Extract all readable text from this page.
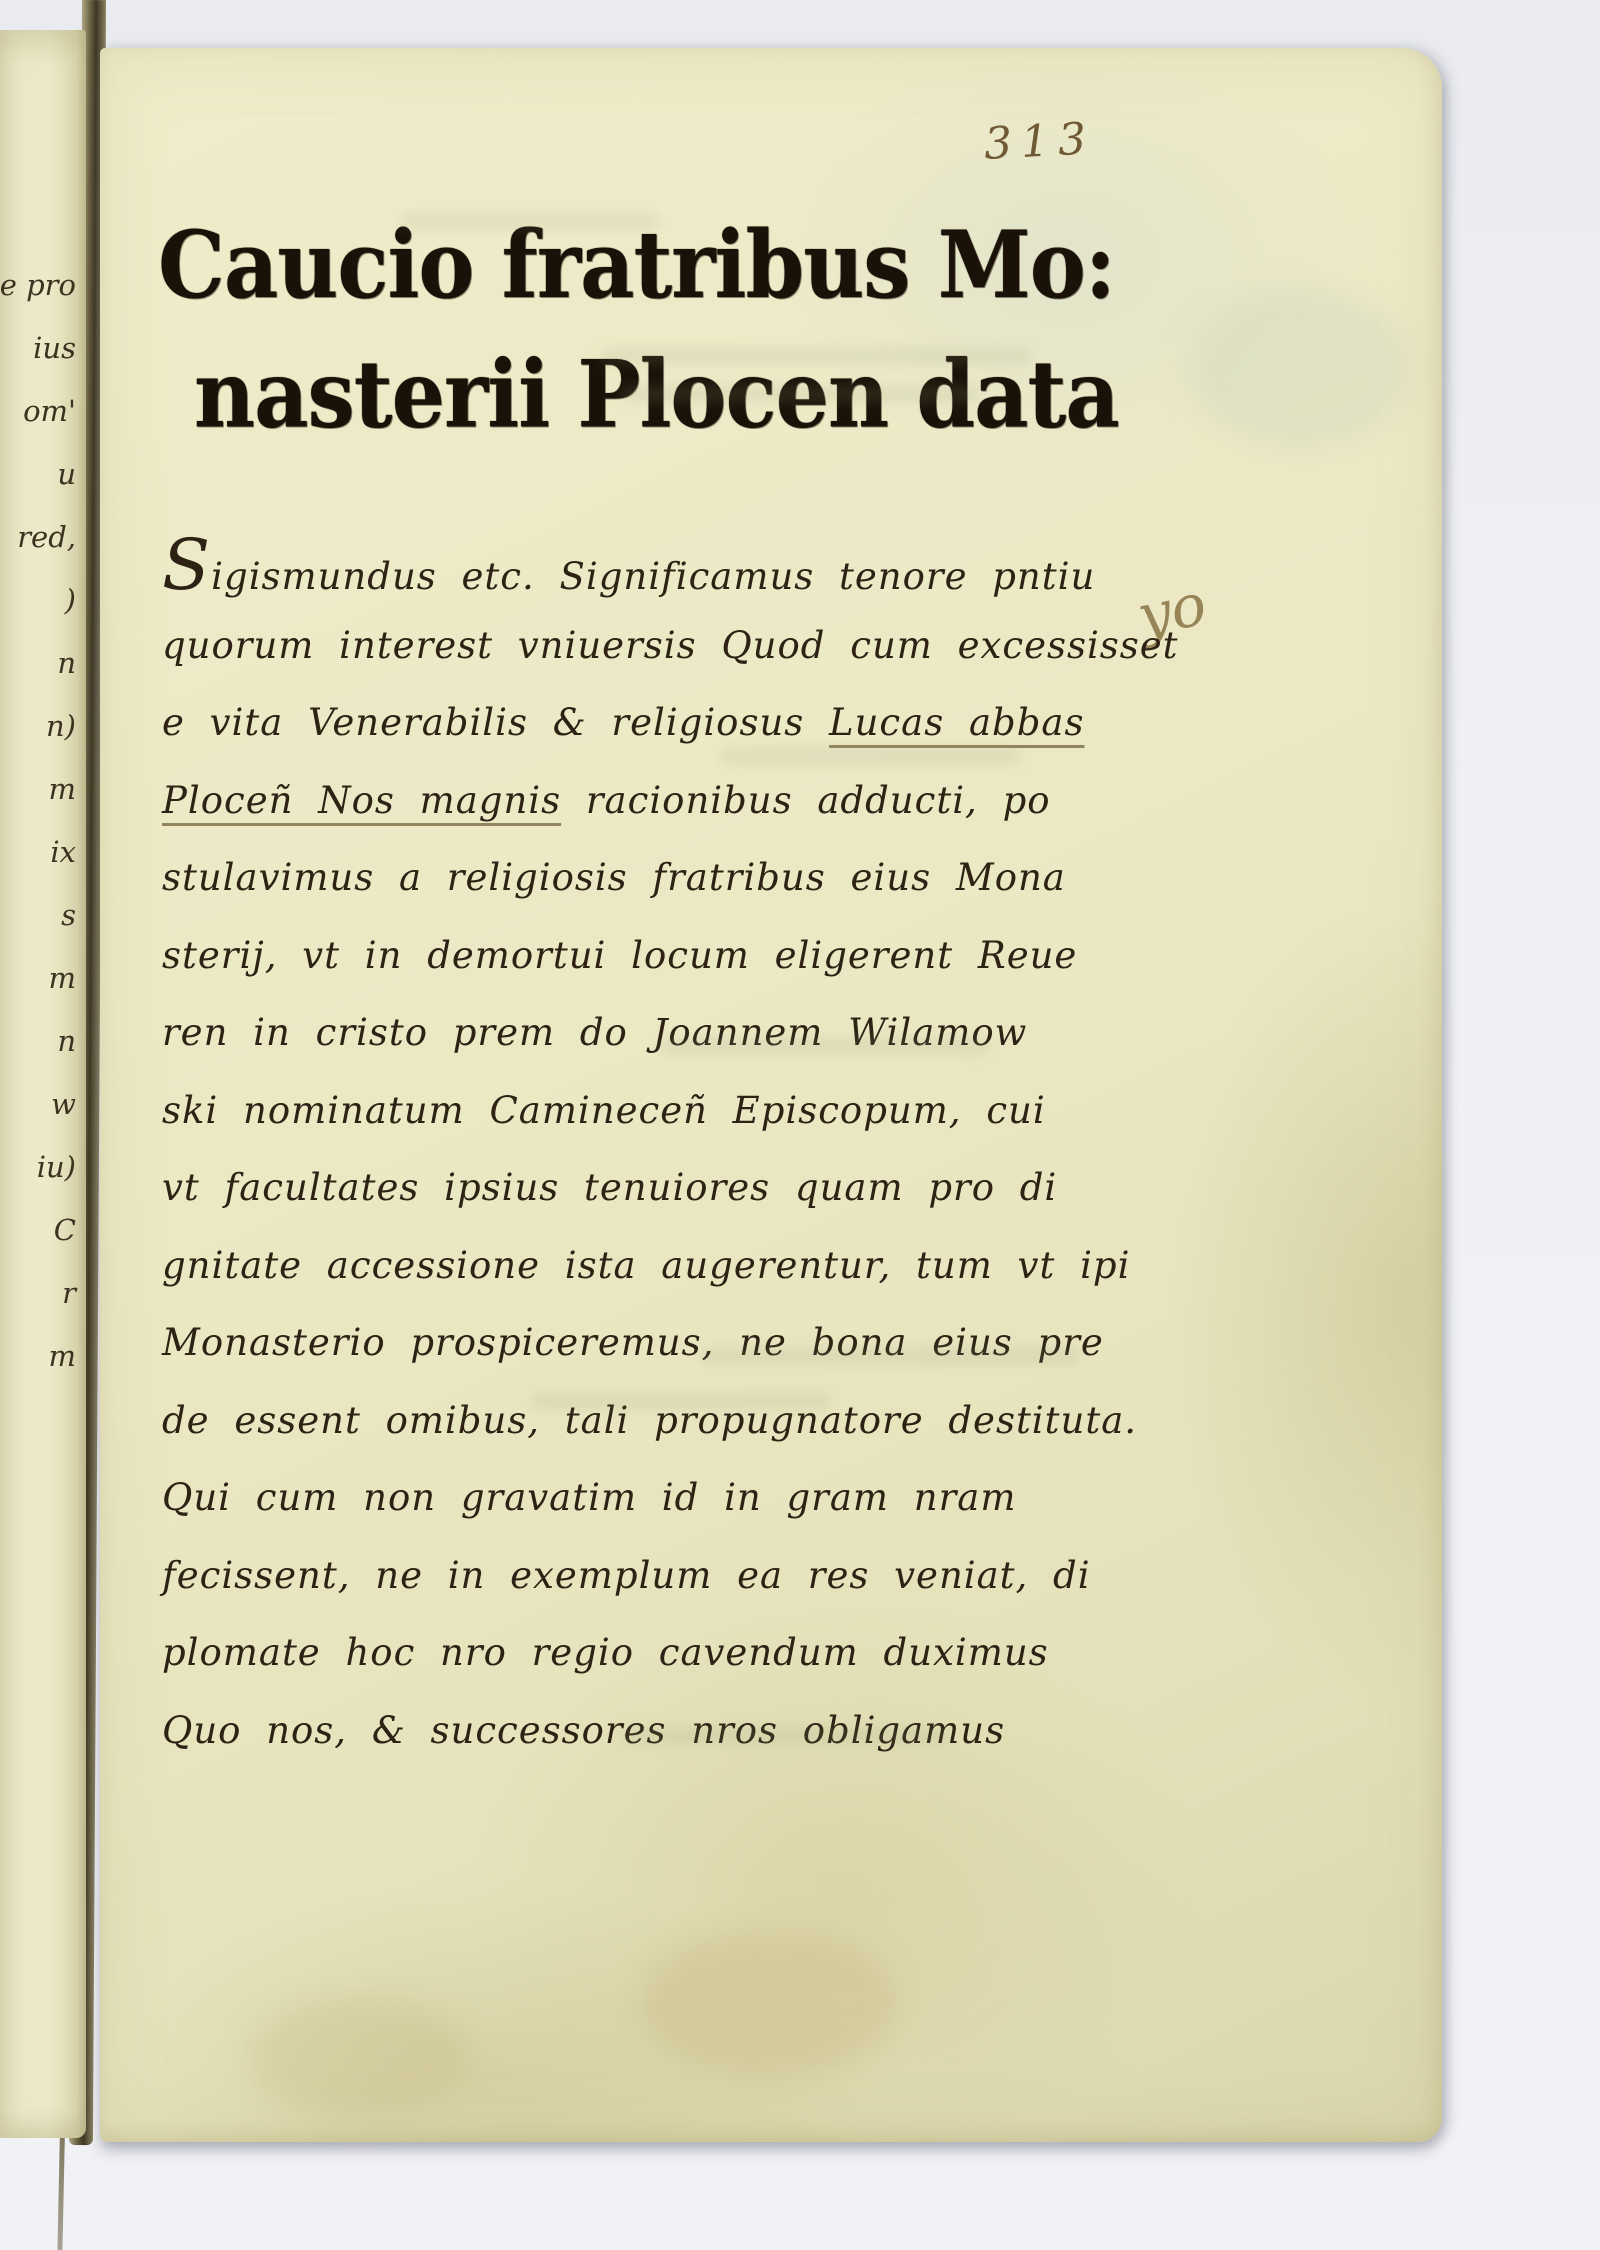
e pro
ius
om'
u
red,
)
n
n)
m
ix
s
m
n
w
iu)
C
r
m
313
Caucio fratribus Mo:
nasterii Plocen data
yo
Sigismundus etc. Significamus tenore pntiu
quorum interest vniuersis Quod cum excessisset
e vita Venerabilis & religiosus Lucas abbas
Ploceñ Nos magnis racionibus adducti, po
stulavimus a religiosis fratribus eius Mona
sterij, vt in demortui locum eligerent Reue
ren in cristo prem do Joannem Wilamow
ski nominatum Camineceñ Episcopum, cui
vt facultates ipsius tenuiores quam pro di
gnitate accessione ista augerentur, tum vt ipi
Monasterio prospiceremus, ne bona eius pre
de essent omibus, tali propugnatore destituta.
Qui cum non gravatim id in gram nram
fecissent, ne in exemplum ea res veniat, di
plomate hoc nro regio cavendum duximus
Quo nos, & successores nros obligamus
